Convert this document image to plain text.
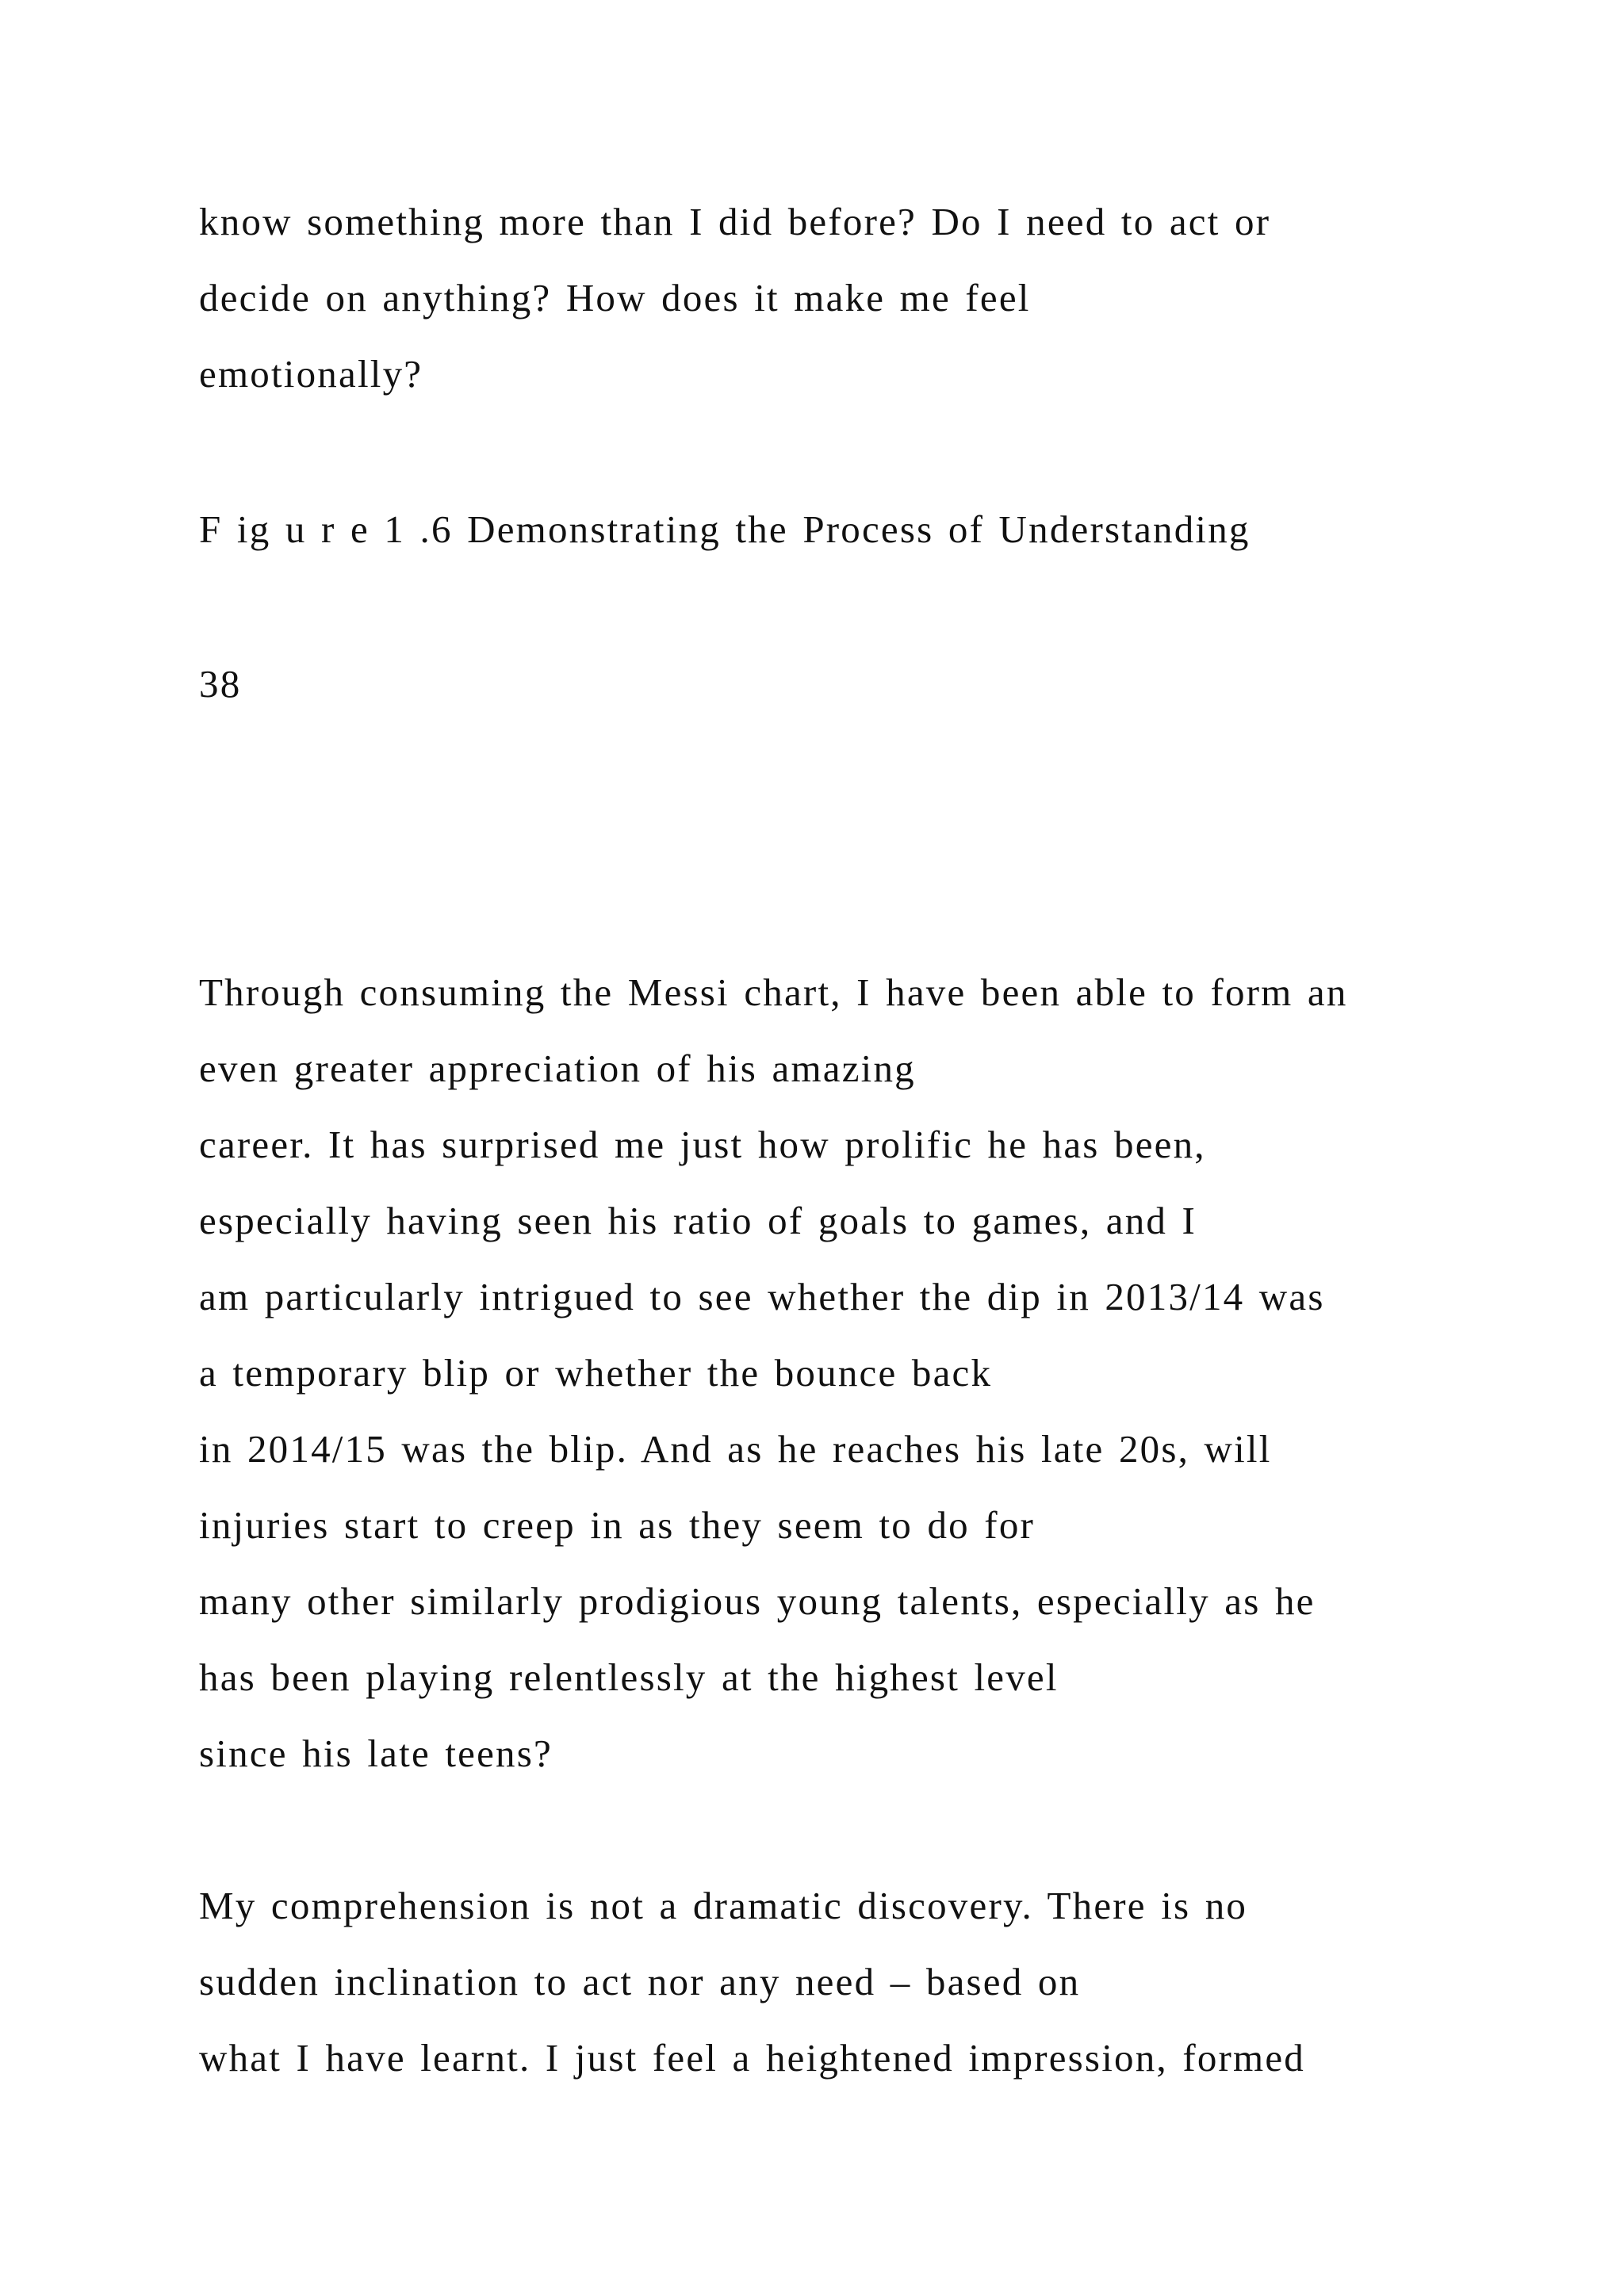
know something more than I did before? Do I need to act or
decide on anything? How does it make me feel
emotionally?
F ig u r e 1 .6 Demonstrating the Process of Understanding
38
Through consuming the Messi chart, I have been able to form an
even greater appreciation of his amazing
career. It has surprised me just how prolific he has been,
especially having seen his ratio of goals to games, and I
am particularly intrigued to see whether the dip in 2013/14 was
a temporary blip or whether the bounce back
in 2014/15 was the blip. And as he reaches his late 20s, will
injuries start to creep in as they seem to do for
many other similarly prodigious young talents, especially as he
has been playing relentlessly at the highest level
since his late teens?
My comprehension is not a dramatic discovery. There is no
sudden inclination to act nor any need – based on
what I have learnt. I just feel a heightened impression, formed
